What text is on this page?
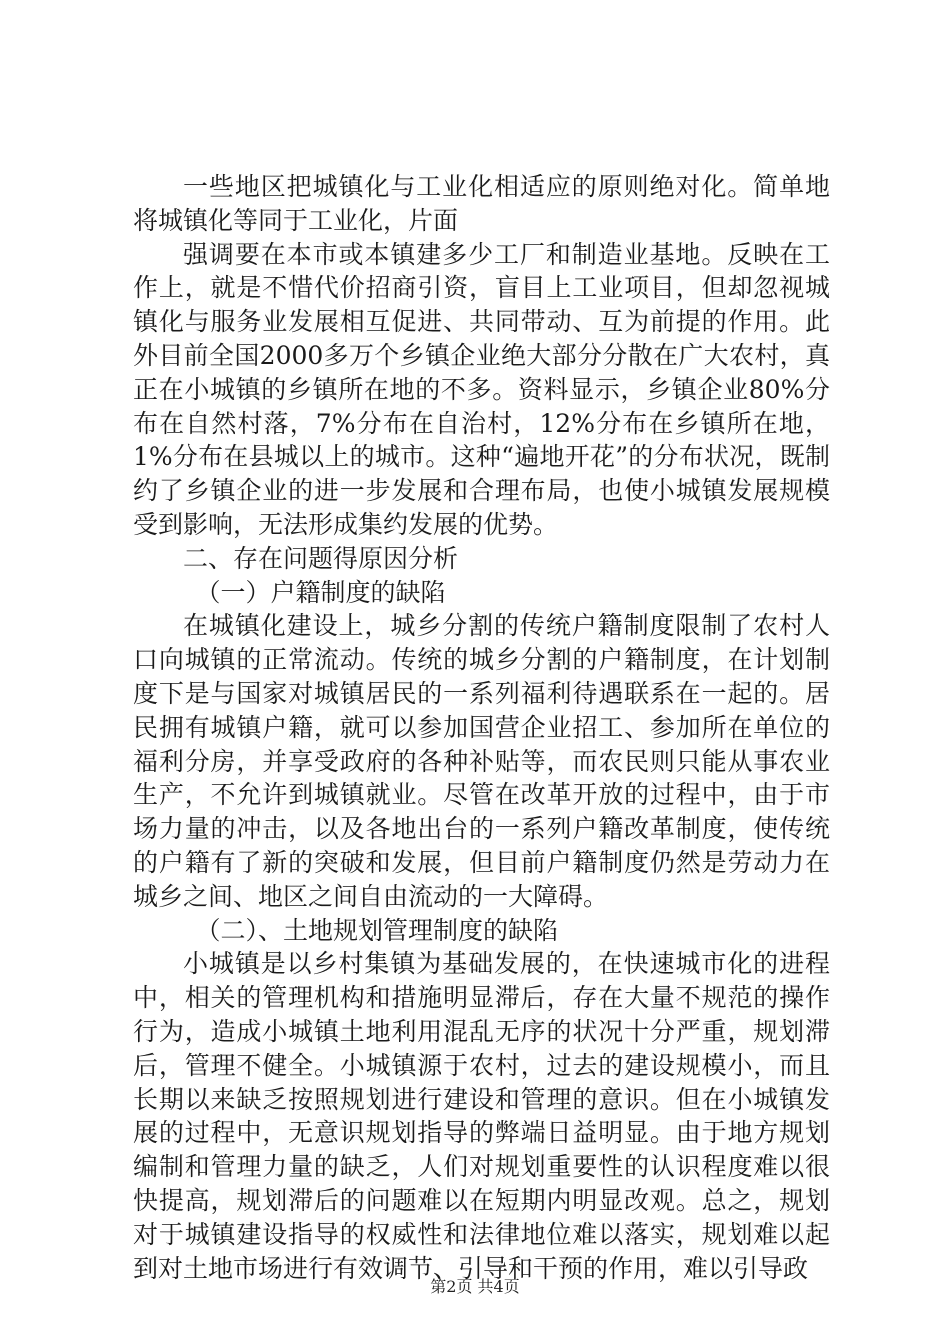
一些地区把城镇化与工业化相适应的原则绝对化。简单地将城镇化等同于工业化，片面

强调要在本市或本镇建多少工厂和制造业基地。反映在工作上，就是不惜代价招商引资，盲目上工业项目，但却忽视城镇化与服务业发展相互促进、共同带动、互为前提的作用。此外目前全国2000多万个乡镇企业绝大部分分散在广大农村，真正在小城镇的乡镇所在地的不多。资料显示，乡镇企业80%分布在自然村落，7%分布在自治村，12%分布在乡镇所在地，1%分布在县城以上的城市。这种“遍地开花”的分布状况，既制约了乡镇企业的进一步发展和合理布局，也使小城镇发展规模受到影响，无法形成集约发展的优势。

二、存在问题得原因分析

（一）户籍制度的缺陷

在城镇化建设上，城乡分割的传统户籍制度限制了农村人口向城镇的正常流动。传统的城乡分割的户籍制度，在计划制度下是与国家对城镇居民的一系列福利待遇联系在一起的。居民拥有城镇户籍，就可以参加国营企业招工、参加所在单位的福利分房，并享受政府的各种补贴等，而农民则只能从事农业生产，不允许到城镇就业。尽管在改革开放的过程中，由于市场力量的冲击，以及各地出台的一系列户籍改革制度，使传统的户籍有了新的突破和发展，但目前户籍制度仍然是劳动力在城乡之间、地区之间自由流动的一大障碍。

（二）、土地规划管理制度的缺陷

小城镇是以乡村集镇为基础发展的，在快速城市化的进程中，相关的管理机构和措施明显滞后，存在大量不规范的操作行为，造成小城镇土地利用混乱无序的状况十分严重，规划滞后，管理不健全。小城镇源于农村，过去的建设规模小，而且长期以来缺乏按照规划进行建设和管理的意识。但在小城镇发展的过程中，无意识规划指导的弊端日益明显。由于地方规划编制和管理力量的缺乏，人们对规划重要性的认识程度难以很快提高，规划滞后的问题难以在短期内明显改观。总之，规划对于城镇建设指导的权威性和法律地位难以落实，规划难以起到对土地市场进行有效调节、引导和干预的作用，难以引导政

第2页 共4页
